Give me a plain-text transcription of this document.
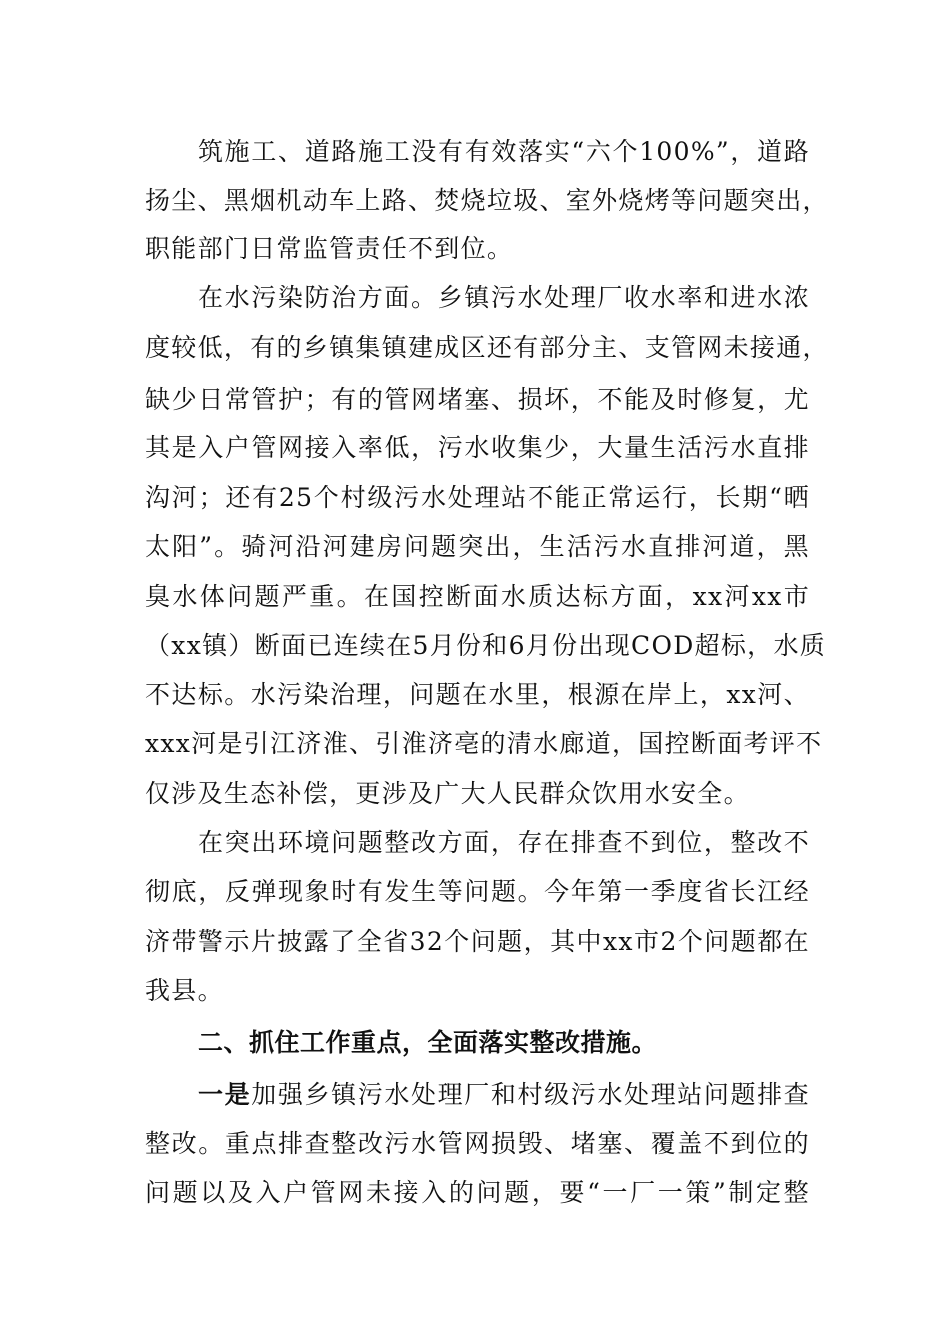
筑施工、道路施工没有有效落实“六个100%”，道路
扬尘、黑烟机动车上路、焚烧垃圾、室外烧烤等问题突出，
职能部门日常监管责任不到位。
在水污染防治方面。乡镇污水处理厂收水率和进水浓
度较低，有的乡镇集镇建成区还有部分主、支管网未接通，
缺少日常管护；有的管网堵塞、损坏，不能及时修复，尤
其是入户管网接入率低，污水收集少，大量生活污水直排
沟河；还有25个村级污水处理站不能正常运行，长期“晒
太阳”。骑河沿河建房问题突出，生活污水直排河道，黑
臭水体问题严重。在国控断面水质达标方面，xx河xx市
（xx镇）断面已连续在5月份和6月份出现COD超标，水质
不达标。水污染治理，问题在水里，根源在岸上，xx河、
xxx河是引江济淮、引淮济亳的清水廊道，国控断面考评不
仅涉及生态补偿，更涉及广大人民群众饮用水安全。
在突出环境问题整改方面，存在排查不到位，整改不
彻底，反弹现象时有发生等问题。今年第一季度省长江经
济带警示片披露了全省32个问题，其中xx市2个问题都在
我县。
二、抓住工作重点，全面落实整改措施。
一是加强乡镇污水处理厂和村级污水处理站问题排查
整改。重点排查整改污水管网损毁、堵塞、覆盖不到位的
问题以及入户管网未接入的问题，要“一厂一策”制定整
